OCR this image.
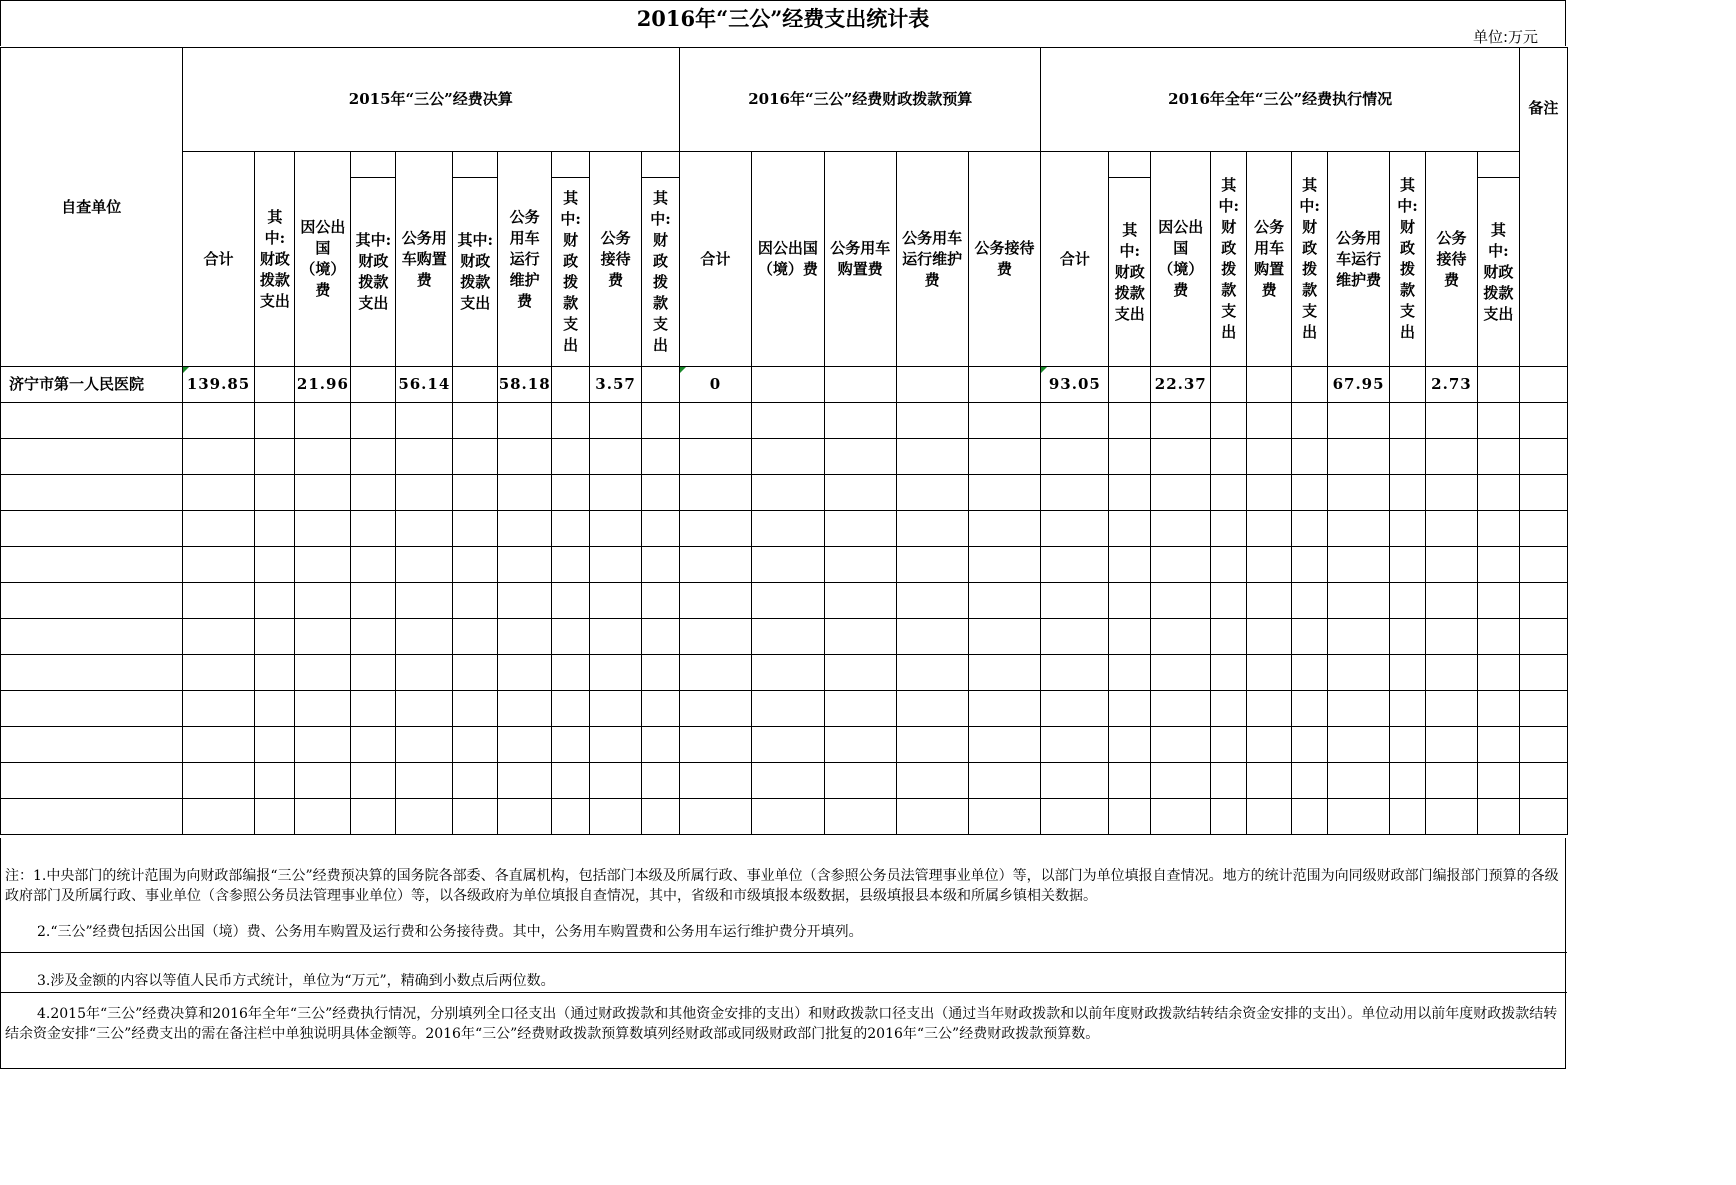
2016年“三公”经费支出统计表
单位:万元
自查单位	2015年“三公”经费决算										2016年“三公”经费财政拨款预算					2016年全年“三公”经费执行情况										备注
	合计	其中:财政拨款支出	因公出国（境）费		公务用车购置费		公务用车运行维护费		公务接待费		合计	因公出国（境）费	公务用车购置费	公务用车运行维护费	公务接待费	合计		因公出国（境）费	其中:财政拨款支出	公务用车购置费	其中:财政拨款支出	公务用车运行维护费	其中:财政拨款支出	公务接待费		
				其中:财政拨款支出		其中:财政拨款支出		其中:财政拨款支出		其中:财政拨款支出							其中:财政拨款支出								其中:财政拨款支出	
济宁市第一人民医院	139.85		21.96		56.14		58.18		3.57		0					93.05		22.37				67.95		2.73		

注：1.中央部门的统计范围为向财政部编报“三公”经费预决算的国务院各部委、各直属机构，包括部门本级及所属行政、事业单位（含参照公务员法管理事业单位）等，以部门为单位填报自查情况。地方的统计范围为向同级财政部门编报部门预算的各级政府部门及所属行政、事业单位（含参照公务员法管理事业单位）等，以各级政府为单位填报自查情况，其中，省级和市级填报本级数据，县级填报县本级和所属乡镇相关数据。
2.“三公”经费包括因公出国（境）费、公务用车购置及运行费和公务接待费。其中，公务用车购置费和公务用车运行维护费分开填列。
3.涉及金额的内容以等值人民币方式统计，单位为“万元”，精确到小数点后两位数。
4.2015年“三公”经费决算和2016年全年“三公”经费执行情况，分别填列全口径支出（通过财政拨款和其他资金安排的支出）和财政拨款口径支出（通过当年财政拨款和以前年度财政拨款结转结余资金安排的支出）。单位动用以前年度财政拨款结转结余资金安排“三公”经费支出的需在备注栏中单独说明具体金额等。2016年“三公”经费财政拨款预算数填列经财政部或同级财政部门批复的2016年“三公”经费财政拨款预算数。
